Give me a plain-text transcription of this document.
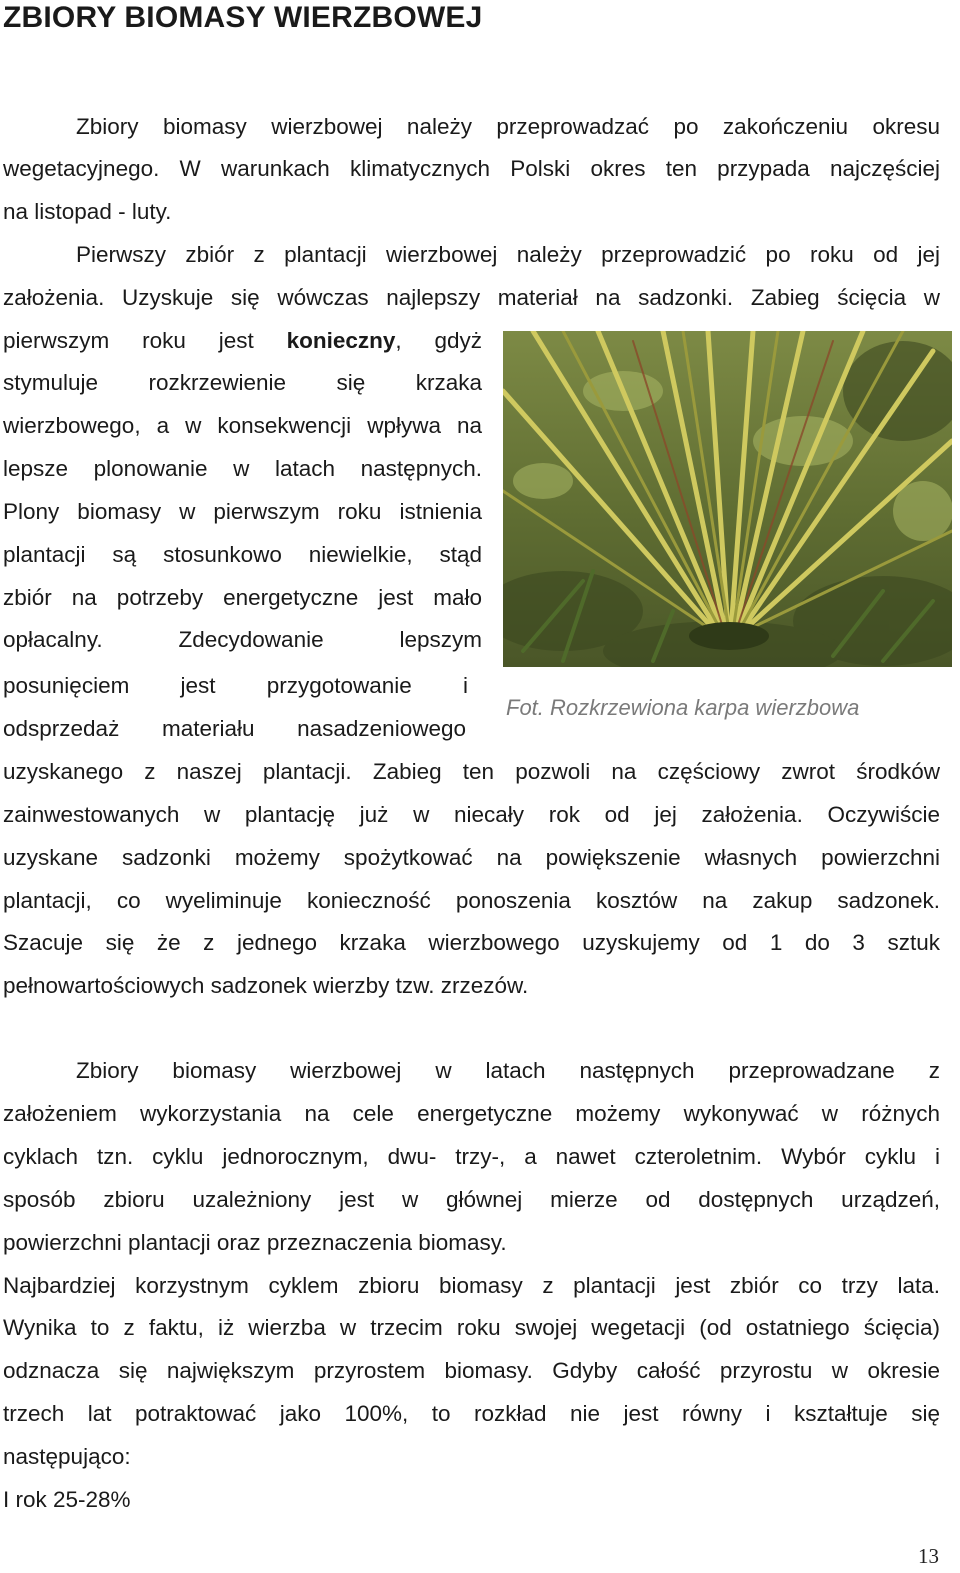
ZBIORY BIOMASY WIERZBOWEJ

Zbiory biomasy wierzbowej należy przeprowadzać po zakończeniu okresu

wegetacyjnego. W warunkach klimatycznych Polski okres ten przypada najczęściej

na listopad - luty.

Pierwszy zbiór z plantacji wierzbowej należy przeprowadzić po roku od jej

założenia. Uzyskuje się wówczas najlepszy materiał na sadzonki. Zabieg ścięcia w

pierwszym roku jest konieczny, gdyż

stymuluje rozkrzewienie się krzaka

wierzbowego, a w konsekwencji wpływa na

lepsze plonowanie w latach następnych.

Plony biomasy w pierwszym roku istnienia

plantacji są stosunkowo niewielkie, stąd

zbiór na potrzeby energetyczne jest mało

opłacalny. Zdecydowanie lepszym

posunięciem jest przygotowanie i

odsprzedaż materiału nasadzeniowego

Fot. Rozkrzewiona karpa wierzbowa

uzyskanego z naszej plantacji. Zabieg ten pozwoli na częściowy zwrot środków

zainwestowanych w plantację już w niecały rok od jej założenia. Oczywiście

uzyskane sadzonki możemy spożytkować na powiększenie własnych powierzchni

plantacji, co wyeliminuje konieczność ponoszenia kosztów na zakup sadzonek.

Szacuje się że z jednego krzaka wierzbowego uzyskujemy od 1 do 3 sztuk

pełnowartościowych sadzonek wierzby tzw. zrzezów.

Zbiory biomasy wierzbowej w latach następnych przeprowadzane z

założeniem wykorzystania na cele energetyczne możemy wykonywać w różnych

cyklach tzn. cyklu jednorocznym, dwu- trzy-, a nawet czteroletnim. Wybór cyklu i

sposób zbioru uzależniony jest w głównej mierze od dostępnych urządzeń,

powierzchni plantacji oraz przeznaczenia biomasy.

Najbardziej korzystnym cyklem zbioru biomasy z plantacji jest zbiór co trzy lata.

Wynika to z faktu, iż wierzba w trzecim roku swojej wegetacji (od ostatniego ścięcia)

odznacza się największym przyrostem biomasy. Gdyby całość przyrostu w okresie

trzech lat potraktować jako 100%, to rozkład nie jest równy i kształtuje się

następująco:

I rok 25-28%

13
